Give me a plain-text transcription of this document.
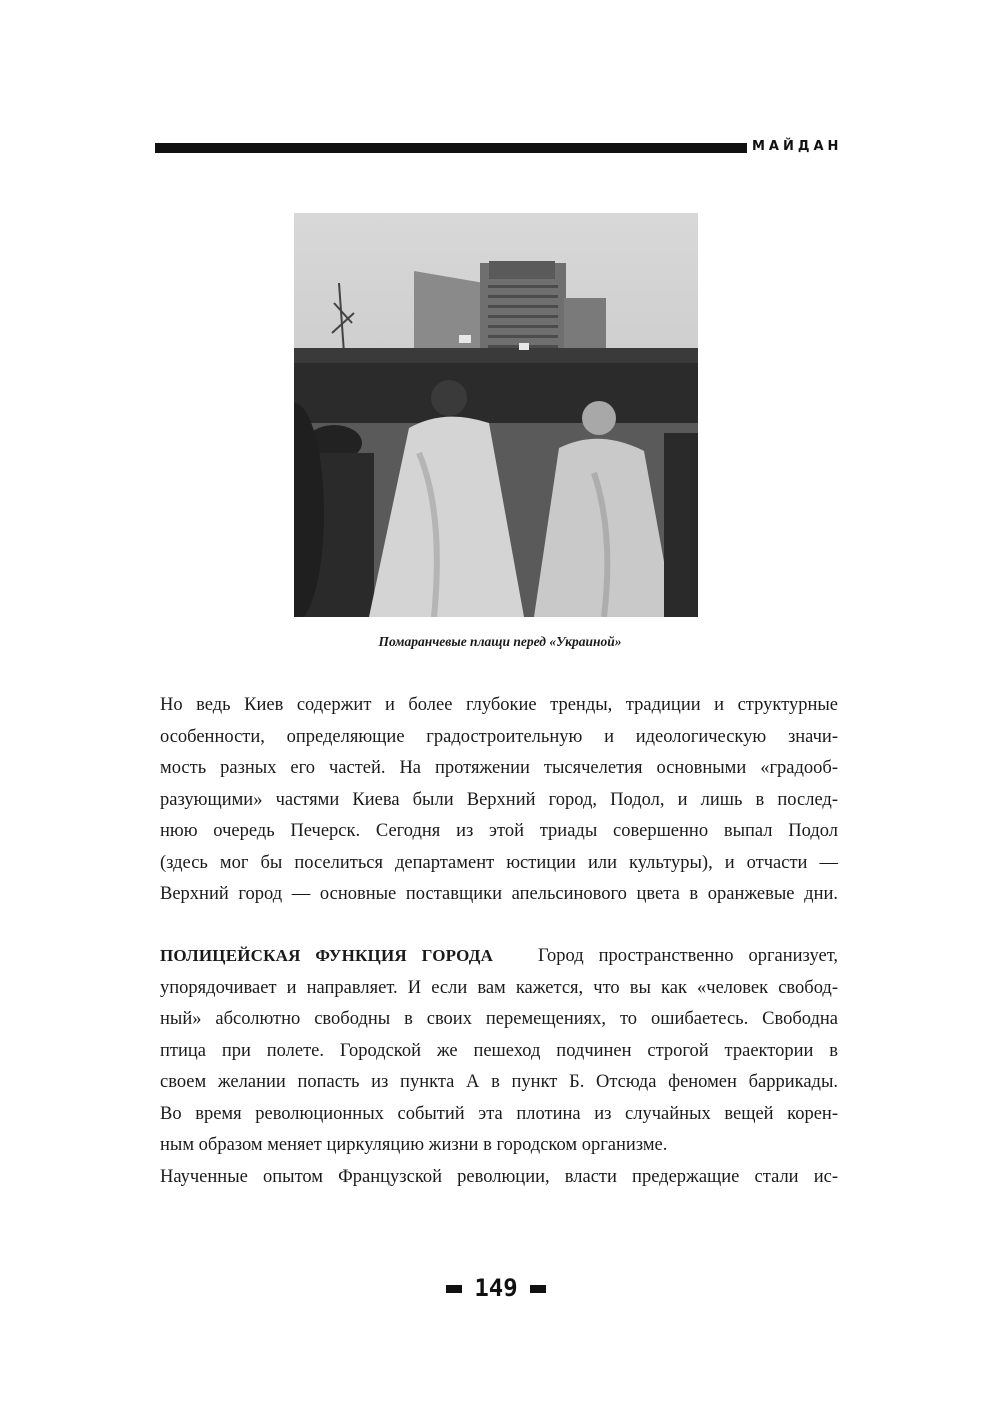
МАЙДАН
Помаранчевые плащи перед «Украиной»
Но ведь Киев содержит и более глубокие тренды, традиции и структурные
особенности, определяющие градостроительную и идеологическую значи-
мость разных его частей. На протяжении тысячелетия основными «градооб-
разующими» частями Киева были Верхний город, Подол, и лишь в послед-
нюю очередь Печерск. Сегодня из этой триады совершенно выпал Подол
(здесь мог бы поселиться департамент юстиции или культуры), и отчасти —
Верхний город — основные поставщики апельсинового цвета в оранжевые дни.
ПОЛИЦЕЙСКАЯ ФУНКЦИЯ ГОРОДА Город пространственно организует,
упорядочивает и направляет. И если вам кажется, что вы как «человек свобод-
ный» абсолютно свободны в своих перемещениях, то ошибаетесь. Свободна
птица при полете. Городской же пешеход подчинен строгой траектории в
своем желании попасть из пункта А в пункт Б. Отсюда феномен баррикады.
Во время революционных событий эта плотина из случайных вещей корен-
ным образом меняет циркуляцию жизни в городском организме.
Наученные опытом Французской революции, власти предержащие стали ис-
149
